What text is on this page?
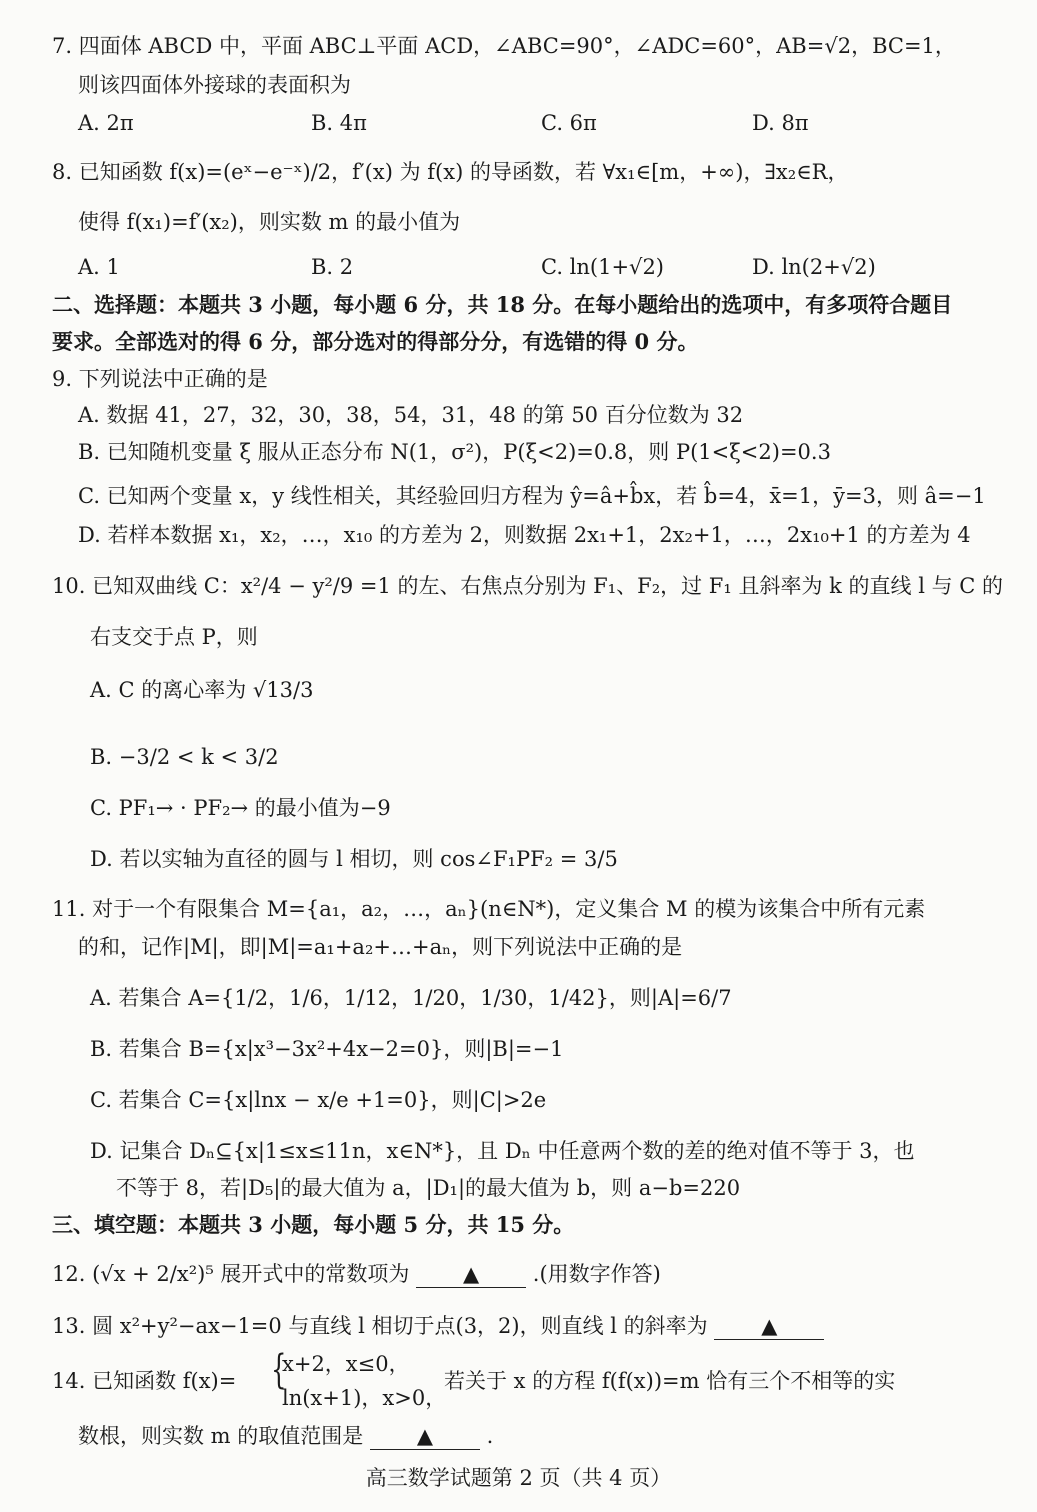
7. 四面体 ABCD 中，平面 ABC⊥平面 ACD，∠ABC=90°，∠ADC=60°，AB=√2，BC=1，
则该四面体外接球的表面积为
A. 2π	B. 4π	C. 6π	D. 8π
8. 已知函数 f(x)=(eˣ−e⁻ˣ)/2，f′(x) 为 f(x) 的导函数，若 ∀x₁∈[m，+∞)，∃x₂∈R，
使得 f(x₁)=f′(x₂)，则实数 m 的最小值为
A. 1	B. 2	C. ln(1+√2)	D. ln(2+√2)
二、选择题：本题共 3 小题，每小题 6 分，共 18 分。在每小题给出的选项中，有多项符合题目
要求。全部选对的得 6 分，部分选对的得部分分，有选错的得 0 分。
9. 下列说法中正确的是
A. 数据 41，27，32，30，38，54，31，48 的第 50 百分位数为 32
B. 已知随机变量 ξ 服从正态分布 N(1，σ²)，P(ξ<2)=0.8，则 P(1<ξ<2)=0.3
C. 已知两个变量 x，y 线性相关，其经验回归方程为 ŷ=â+b̂x，若 b̂=4，x̄=1，ȳ=3，则 â=−1
D. 若样本数据 x₁，x₂，…，x₁₀ 的方差为 2，则数据 2x₁+1，2x₂+1，…，2x₁₀+1 的方差为 4
10. 已知双曲线 C：x²/4 − y²/9 =1 的左、右焦点分别为 F₁、F₂，过 F₁ 且斜率为 k 的直线 l 与 C 的
右支交于点 P，则
A. C 的离心率为 √13/3
B. −3/2 < k < 3/2
C. PF₁→ · PF₂→ 的最小值为−9
D. 若以实轴为直径的圆与 l 相切，则 cos∠F₁PF₂ = 3/5
11. 对于一个有限集合 M={a₁，a₂，…，aₙ}(n∈N*)，定义集合 M 的模为该集合中所有元素
的和，记作|M|，即|M|=a₁+a₂+…+aₙ，则下列说法中正确的是
A. 若集合 A={1/2，1/6，1/12，1/20，1/30，1/42}，则|A|=6/7
B. 若集合 B={x|x³−3x²+4x−2=0}，则|B|=−1
C. 若集合 C={x|lnx − x/e +1=0}，则|C|>2e
D. 记集合 Dₙ⊆{x|1≤x≤11n，x∈N*}，且 Dₙ 中任意两个数的差的绝对值不等于 3，也
不等于 8，若|D₅|的最大值为 a，|D₁|的最大值为 b，则 a−b=220
三、填空题：本题共 3 小题，每小题 5 分，共 15 分。
12. (√x + 2/x²)⁵ 展开式中的常数项为	▲	.(用数字作答)
13. 圆 x²+y²−ax−1=0 与直线 l 相切于点(3，2)，则直线 l 的斜率为	▲
14. 已知函数 f(x)= {
x+2，x≤0，
ln(x+1)，x>0，
若关于 x 的方程 f(f(x))=m 恰有三个不相等的实
数根，则实数 m 的取值范围是	▲	.
高三数学试题第 2 页（共 4 页）
